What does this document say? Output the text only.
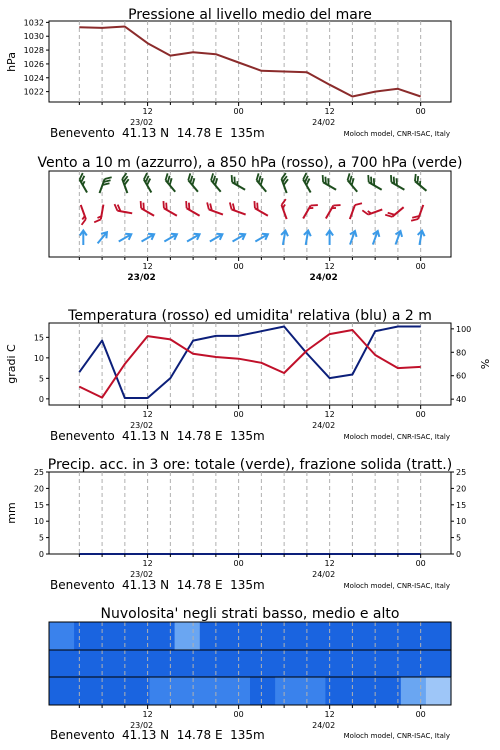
Pressione al livello medio del mare
1022
1024
1026
1028
1030
1032
hPa
12	00	12	00
23/02	24/02
Benevento 41.13 N  14.78 E  135m	Moloch model, CNR-ISAC, Italy
Vento a 10 m (azzurro), a 850 hPa (rosso), a 700 hPa (verde)
12	00	12	00
23/02	24/02
Temperatura (rosso) ed umidita' relativa (blu) a 2 m
0
5
10
15
40
60
80
100
gradi C	%
12	00	12	00
23/02	24/02
Benevento 41.13 N  14.78 E  135m	Moloch model, CNR-ISAC, Italy
Precip. acc. in 3 ore: totale (verde), frazione solida (tratt.)
0
5
10
15
20
25
0
5
10
15
20
25
mm
12	00	12	00
23/02	24/02
Benevento 41.13 N  14.78 E  135m	Moloch model, CNR-ISAC, Italy
Nuvolosita' negli strati basso, medio e alto
12	00	12	00
23/02	24/02
Benevento 41.13 N  14.78 E  135m	Moloch model, CNR-ISAC, Italy
